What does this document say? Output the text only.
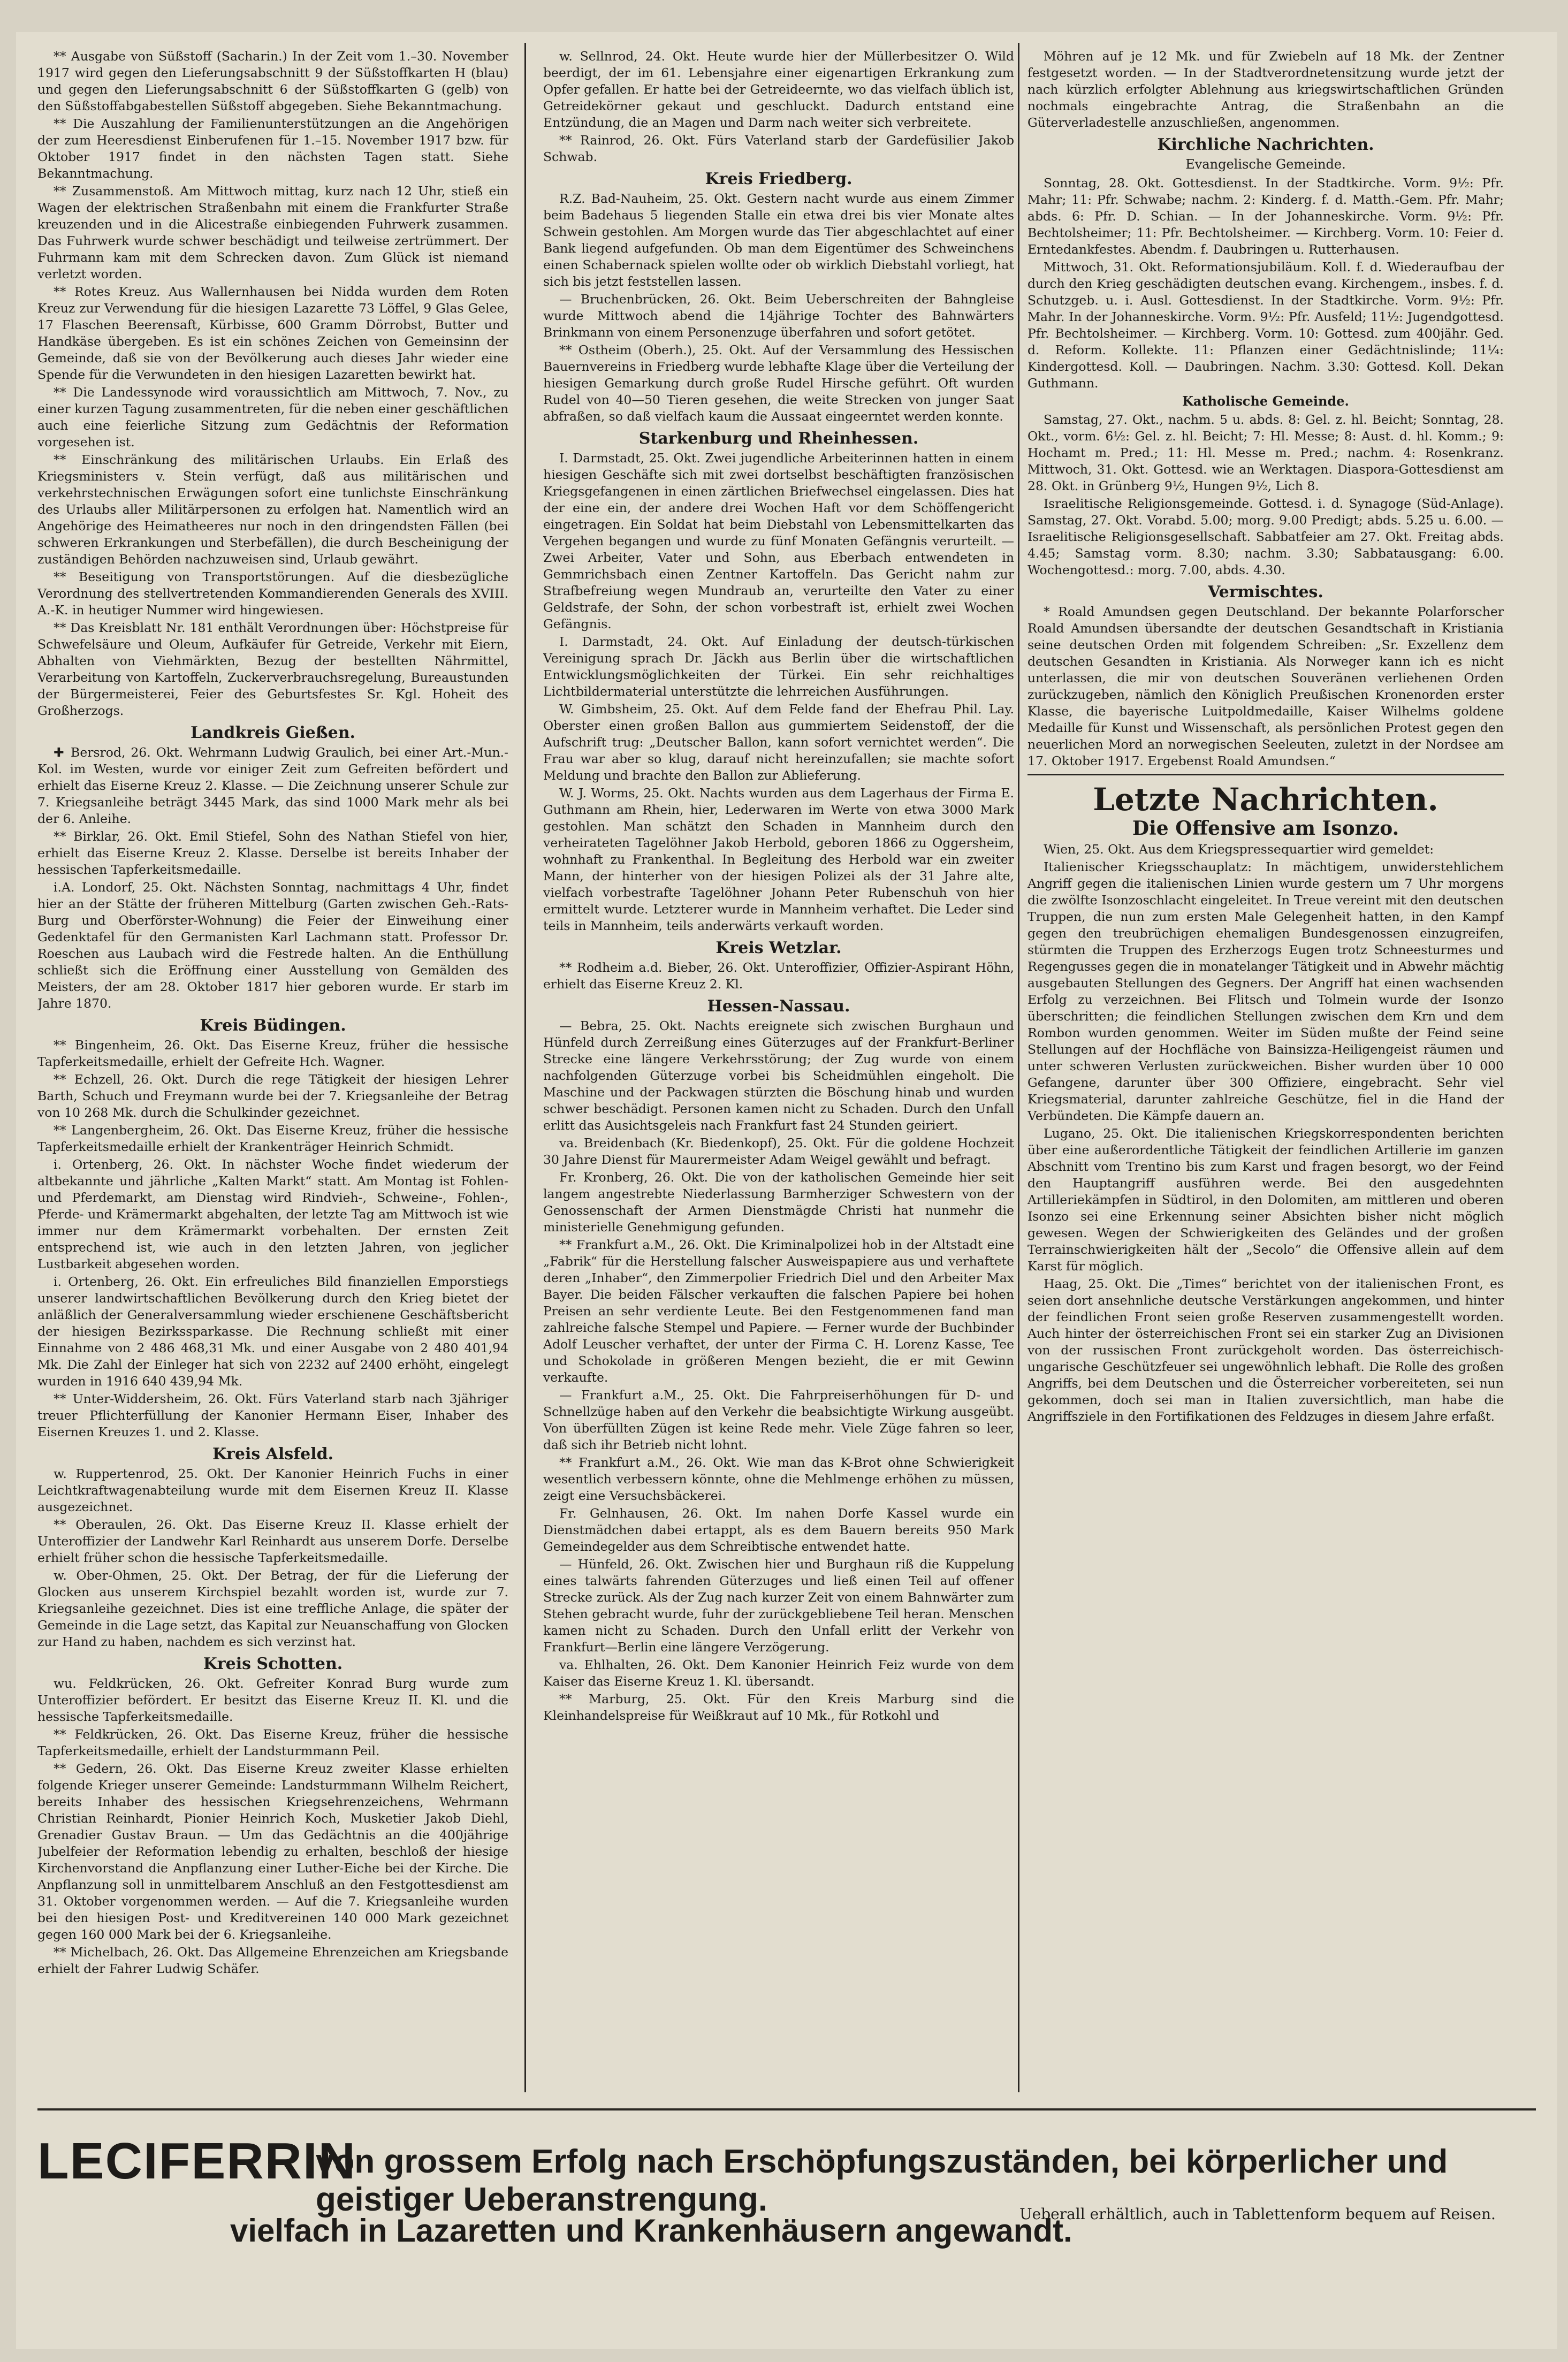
** Ausgabe von Süßstoff (Sacharin.) In der Zeit vom 1.–30. November 1917 wird gegen den Lieferungsabschnitt 9 der Süßstoffkarten H (blau) und gegen den Lieferungsabschnitt 6 der Süßstoffkarten G (gelb) von den Süßstoffabgabestellen Süßstoff abgegeben. Siehe Bekanntmachung.

** Die Auszahlung der Familienunterstützungen an die Angehörigen der zum Heeresdienst Einberufenen für 1.–15. November 1917 bzw. für Oktober 1917 findet in den nächsten Tagen statt. Siehe Bekanntmachung.

** Zusammenstoß. Am Mittwoch mittag, kurz nach 12 Uhr, stieß ein Wagen der elektrischen Straßenbahn mit einem die Frankfurter Straße kreuzenden und in die Alicestraße einbiegenden Fuhrwerk zusammen. Das Fuhrwerk wurde schwer beschädigt und teilweise zertrümmert. Der Fuhrmann kam mit dem Schrecken davon. Zum Glück ist niemand verletzt worden.

** Rotes Kreuz. Aus Wallernhausen bei Nidda wurden dem Roten Kreuz zur Verwendung für die hiesigen Lazarette 73 Löffel, 9 Glas Gelee, 17 Flaschen Beerensaft, Kürbisse, 600 Gramm Dörrobst, Butter und Handkäse übergeben. Es ist ein schönes Zeichen von Gemeinsinn der Gemeinde, daß sie von der Bevölkerung auch dieses Jahr wieder eine Spende für die Verwundeten in den hiesigen Lazaretten bewirkt hat.

** Die Landessynode wird voraussichtlich am Mittwoch, 7. Nov., zu einer kurzen Tagung zusammentreten, für die neben einer geschäftlichen auch eine feierliche Sitzung zum Gedächtnis der Reformation vorgesehen ist.

** Einschränkung des militärischen Urlaubs. Ein Erlaß des Kriegsministers v. Stein verfügt, daß aus militärischen und verkehrstechnischen Erwägungen sofort eine tunlichste Einschränkung des Urlaubs aller Militärpersonen zu erfolgen hat. Namentlich wird an Angehörige des Heimatheeres nur noch in den dringendsten Fällen (bei schweren Erkrankungen und Sterbefällen), die durch Bescheinigung der zuständigen Behörden nachzuweisen sind, Urlaub gewährt.

** Beseitigung von Transportstörungen. Auf die diesbezügliche Verordnung des stellvertretenden Kommandierenden Generals des XVIII. A.-K. in heutiger Nummer wird hingewiesen.

** Das Kreisblatt Nr. 181 enthält Verordnungen über: Höchstpreise für Schwefelsäure und Oleum, Aufkäufer für Getreide, Verkehr mit Eiern, Abhalten von Viehmärkten, Bezug der bestellten Nährmittel, Verarbeitung von Kartoffeln, Zuckerverbrauchsregelung, Bureaustunden der Bürgermeisterei, Feier des Geburtsfestes Sr. Kgl. Hoheit des Großherzogs.

Landkreis Gießen.

✚ Bersrod, 26. Okt. Wehrmann Ludwig Graulich, bei einer Art.-Mun.-Kol. im Westen, wurde vor einiger Zeit zum Gefreiten befördert und erhielt das Eiserne Kreuz 2. Klasse. — Die Zeichnung unserer Schule zur 7. Kriegsanleihe beträgt 3445 Mark, das sind 1000 Mark mehr als bei der 6. Anleihe.

** Birklar, 26. Okt. Emil Stiefel, Sohn des Nathan Stiefel von hier, erhielt das Eiserne Kreuz 2. Klasse. Derselbe ist bereits Inhaber der hessischen Tapferkeitsmedaille.

i.A. Londorf, 25. Okt. Nächsten Sonntag, nachmittags 4 Uhr, findet hier an der Stätte der früheren Mittelburg (Garten zwischen Geh.-Rats-Burg und Oberförster-Wohnung) die Feier der Einweihung einer Gedenktafel für den Germanisten Karl Lachmann statt. Professor Dr. Roeschen aus Laubach wird die Festrede halten. An die Enthüllung schließt sich die Eröffnung einer Ausstellung von Gemälden des Meisters, der am 28. Oktober 1817 hier geboren wurde. Er starb im Jahre 1870.

Kreis Büdingen.

** Bingenheim, 26. Okt. Das Eiserne Kreuz, früher die hessische Tapferkeitsmedaille, erhielt der Gefreite Hch. Wagner.

** Echzell, 26. Okt. Durch die rege Tätigkeit der hiesigen Lehrer Barth, Schuch und Freymann wurde bei der 7. Kriegsanleihe der Betrag von 10 268 Mk. durch die Schulkinder gezeichnet.

** Langenbergheim, 26. Okt. Das Eiserne Kreuz, früher die hessische Tapferkeitsmedaille erhielt der Krankenträger Heinrich Schmidt.

i. Ortenberg, 26. Okt. In nächster Woche findet wiederum der altbekannte und jährliche „Kalten Markt“ statt. Am Montag ist Fohlen- und Pferdemarkt, am Dienstag wird Rindvieh-, Schweine-, Fohlen-, Pferde- und Krämermarkt abgehalten, der letzte Tag am Mittwoch ist wie immer nur dem Krämermarkt vorbehalten. Der ernsten Zeit entsprechend ist, wie auch in den letzten Jahren, von jeglicher Lustbarkeit abgesehen worden.

i. Ortenberg, 26. Okt. Ein erfreuliches Bild finanziellen Emporstiegs unserer landwirtschaftlichen Bevölkerung durch den Krieg bietet der anläßlich der Generalversammlung wieder erschienene Geschäftsbericht der hiesigen Bezirkssparkasse. Die Rechnung schließt mit einer Einnahme von 2 486 468,31 Mk. und einer Ausgabe von 2 480 401,94 Mk. Die Zahl der Einleger hat sich von 2232 auf 2400 erhöht, eingelegt wurden in 1916 640 439,94 Mk.

** Unter-Widdersheim, 26. Okt. Fürs Vaterland starb nach 3jähriger treuer Pflichterfüllung der Kanonier Hermann Eiser, Inhaber des Eisernen Kreuzes 1. und 2. Klasse.

Kreis Alsfeld.

w. Ruppertenrod, 25. Okt. Der Kanonier Heinrich Fuchs in einer Leichtkraftwagenabteilung wurde mit dem Eisernen Kreuz II. Klasse ausgezeichnet.

** Oberaulen, 26. Okt. Das Eiserne Kreuz II. Klasse erhielt der Unteroffizier der Landwehr Karl Reinhardt aus unserem Dorfe. Derselbe erhielt früher schon die hessische Tapferkeitsmedaille.

w. Ober-Ohmen, 25. Okt. Der Betrag, der für die Lieferung der Glocken aus unserem Kirchspiel bezahlt worden ist, wurde zur 7. Kriegsanleihe gezeichnet. Dies ist eine treffliche Anlage, die später der Gemeinde in die Lage setzt, das Kapital zur Neuanschaffung von Glocken zur Hand zu haben, nachdem es sich verzinst hat.

Kreis Schotten.

wu. Feldkrücken, 26. Okt. Gefreiter Konrad Burg wurde zum Unteroffizier befördert. Er besitzt das Eiserne Kreuz II. Kl. und die hessische Tapferkeitsmedaille.

** Feldkrücken, 26. Okt. Das Eiserne Kreuz, früher die hessische Tapferkeitsmedaille, erhielt der Landsturmmann Peil.

** Gedern, 26. Okt. Das Eiserne Kreuz zweiter Klasse erhielten folgende Krieger unserer Gemeinde: Landsturmmann Wilhelm Reichert, bereits Inhaber des hessischen Kriegsehrenzeichens, Wehrmann Christian Reinhardt, Pionier Heinrich Koch, Musketier Jakob Diehl, Grenadier Gustav Braun. — Um das Gedächtnis an die 400jährige Jubelfeier der Reformation lebendig zu erhalten, beschloß der hiesige Kirchenvorstand die Anpflanzung einer Luther-Eiche bei der Kirche. Die Anpflanzung soll in unmittelbarem Anschluß an den Festgottesdienst am 31. Oktober vorgenommen werden. — Auf die 7. Kriegsanleihe wurden bei den hiesigen Post- und Kreditvereinen 140 000 Mark gezeichnet gegen 160 000 Mark bei der 6. Kriegsanleihe.

** Michelbach, 26. Okt. Das Allgemeine Ehrenzeichen am Kriegsbande erhielt der Fahrer Ludwig Schäfer.

w. Sellnrod, 24. Okt. Heute wurde hier der Müllerbesitzer O. Wild beerdigt, der im 61. Lebensjahre einer eigenartigen Erkrankung zum Opfer gefallen. Er hatte bei der Getreideernte, wo das vielfach üblich ist, Getreidekörner gekaut und geschluckt. Dadurch entstand eine Entzündung, die an Magen und Darm nach weiter sich verbreitete.

** Rainrod, 26. Okt. Fürs Vaterland starb der Gardefüsilier Jakob Schwab.

Kreis Friedberg.

R.Z. Bad-Nauheim, 25. Okt. Gestern nacht wurde aus einem Zimmer beim Badehaus 5 liegenden Stalle ein etwa drei bis vier Monate altes Schwein gestohlen. Am Morgen wurde das Tier abgeschlachtet auf einer Bank liegend aufgefunden. Ob man dem Eigentümer des Schweinchens einen Schabernack spielen wollte oder ob wirklich Diebstahl vorliegt, hat sich bis jetzt feststellen lassen.

— Bruchenbrücken, 26. Okt. Beim Ueberschreiten der Bahngleise wurde Mittwoch abend die 14jährige Tochter des Bahnwärters Brinkmann von einem Personenzuge überfahren und sofort getötet.

** Ostheim (Oberh.), 25. Okt. Auf der Versammlung des Hessischen Bauernvereins in Friedberg wurde lebhafte Klage über die Verteilung der hiesigen Gemarkung durch große Rudel Hirsche geführt. Oft wurden Rudel von 40—50 Tieren gesehen, die weite Strecken von junger Saat abfraßen, so daß vielfach kaum die Aussaat eingeerntet werden konnte.

Starkenburg und Rheinhessen.

I. Darmstadt, 25. Okt. Zwei jugendliche Arbeiterinnen hatten in einem hiesigen Geschäfte sich mit zwei dortselbst beschäftigten französischen Kriegsgefangenen in einen zärtlichen Briefwechsel eingelassen. Dies hat der eine ein, der andere drei Wochen Haft vor dem Schöffengericht eingetragen. Ein Soldat hat beim Diebstahl von Lebensmittelkarten das Vergehen begangen und wurde zu fünf Monaten Gefängnis verurteilt. — Zwei Arbeiter, Vater und Sohn, aus Eberbach entwendeten in Gemmrichsbach einen Zentner Kartoffeln. Das Gericht nahm zur Strafbefreiung wegen Mundraub an, verurteilte den Vater zu einer Geldstrafe, der Sohn, der schon vorbestraft ist, erhielt zwei Wochen Gefängnis.

I. Darmstadt, 24. Okt. Auf Einladung der deutsch-türkischen Vereinigung sprach Dr. Jäckh aus Berlin über die wirtschaftlichen Entwicklungsmöglichkeiten der Türkei. Ein sehr reichhaltiges Lichtbildermaterial unterstützte die lehrreichen Ausführungen.

W. Gimbsheim, 25. Okt. Auf dem Felde fand der Ehefrau Phil. Lay. Oberster einen großen Ballon aus gummiertem Seidenstoff, der die Aufschrift trug: „Deutscher Ballon, kann sofort vernichtet werden“. Die Frau war aber so klug, darauf nicht hereinzufallen; sie machte sofort Meldung und brachte den Ballon zur Ablieferung.

W. J. Worms, 25. Okt. Nachts wurden aus dem Lagerhaus der Firma E. Guthmann am Rhein, hier, Lederwaren im Werte von etwa 3000 Mark gestohlen. Man schätzt den Schaden in Mannheim durch den verheirateten Tagelöhner Jakob Herbold, geboren 1866 zu Oggersheim, wohnhaft zu Frankenthal. In Begleitung des Herbold war ein zweiter Mann, der hinterher von der hiesigen Polizei als der 31 Jahre alte, vielfach vorbestrafte Tagelöhner Johann Peter Rubenschuh von hier ermittelt wurde. Letzterer wurde in Mannheim verhaftet. Die Leder sind teils in Mannheim, teils anderwärts verkauft worden.

Kreis Wetzlar.

** Rodheim a.d. Bieber, 26. Okt. Unteroffizier, Offizier-Aspirant Höhn, erhielt das Eiserne Kreuz 2. Kl.

Hessen-Nassau.

— Bebra, 25. Okt. Nachts ereignete sich zwischen Burghaun und Hünfeld durch Zerreißung eines Güterzuges auf der Frankfurt-Berliner Strecke eine längere Verkehrsstörung; der Zug wurde von einem nachfolgenden Güterzuge vorbei bis Scheidmühlen eingeholt. Die Maschine und der Packwagen stürzten die Böschung hinab und wurden schwer beschädigt. Personen kamen nicht zu Schaden. Durch den Unfall erlitt das Ausichtsgeleis nach Frankfurt fast 24 Stunden geiriert.

va. Breidenbach (Kr. Biedenkopf), 25. Okt. Für die goldene Hochzeit 30 Jahre Dienst für Maurermeister Adam Weigel gewählt und befragt.

Fr. Kronberg, 26. Okt. Die von der katholischen Gemeinde hier seit langem angestrebte Niederlassung Barmherziger Schwestern von der Genossenschaft der Armen Dienstmägde Christi hat nunmehr die ministerielle Genehmigung gefunden.

** Frankfurt a.M., 26. Okt. Die Kriminalpolizei hob in der Altstadt eine „Fabrik“ für die Herstellung falscher Ausweispapiere aus und verhaftete deren „Inhaber“, den Zimmerpolier Friedrich Diel und den Arbeiter Max Bayer. Die beiden Fälscher verkauften die falschen Papiere bei hohen Preisen an sehr verdiente Leute. Bei den Festgenommenen fand man zahlreiche falsche Stempel und Papiere. — Ferner wurde der Buchbinder Adolf Leuscher verhaftet, der unter der Firma C. H. Lorenz Kasse, Tee und Schokolade in größeren Mengen bezieht, die er mit Gewinn verkaufte.

— Frankfurt a.M., 25. Okt. Die Fahrpreiserhöhungen für D- und Schnellzüge haben auf den Verkehr die beabsichtigte Wirkung ausgeübt. Von überfüllten Zügen ist keine Rede mehr. Viele Züge fahren so leer, daß sich ihr Betrieb nicht lohnt.

** Frankfurt a.M., 26. Okt. Wie man das K-Brot ohne Schwierigkeit wesentlich verbessern könnte, ohne die Mehlmenge erhöhen zu müssen, zeigt eine Versuchsbäckerei.

Fr. Gelnhausen, 26. Okt. Im nahen Dorfe Kassel wurde ein Dienstmädchen dabei ertappt, als es dem Bauern bereits 950 Mark Gemeindegelder aus dem Schreibtische entwendet hatte.

— Hünfeld, 26. Okt. Zwischen hier und Burghaun riß die Kuppelung eines talwärts fahrenden Güterzuges und ließ einen Teil auf offener Strecke zurück. Als der Zug nach kurzer Zeit von einem Bahnwärter zum Stehen gebracht wurde, fuhr der zurückgebliebene Teil heran. Menschen kamen nicht zu Schaden. Durch den Unfall erlitt der Verkehr von Frankfurt—Berlin eine längere Verzögerung.

va. Ehlhalten, 26. Okt. Dem Kanonier Heinrich Feiz wurde von dem Kaiser das Eiserne Kreuz 1. Kl. übersandt.

** Marburg, 25. Okt. Für den Kreis Marburg sind die Kleinhandelspreise für Weißkraut auf 10 Mk., für Rotkohl und

Möhren auf je 12 Mk. und für Zwiebeln auf 18 Mk. der Zentner festgesetzt worden. — In der Stadtverordnetensitzung wurde jetzt der nach kürzlich erfolgter Ablehnung aus kriegswirtschaftlichen Gründen nochmals eingebrachte Antrag, die Straßenbahn an die Güterverladestelle anzuschließen, angenommen.

Kirchliche Nachrichten.
Evangelische Gemeinde.

Sonntag, 28. Okt. Gottesdienst. In der Stadtkirche. Vorm. 9½: Pfr. Mahr; 11: Pfr. Schwabe; nachm. 2: Kinderg. f. d. Matth.-Gem. Pfr. Mahr; abds. 6: Pfr. D. Schian. — In der Johanneskirche. Vorm. 9½: Pfr. Bechtolsheimer; 11: Pfr. Bechtolsheimer. — Kirchberg. Vorm. 10: Feier d. Erntedankfestes. Abendm. f. Daubringen u. Rutterhausen.

Mittwoch, 31. Okt. Reformationsjubiläum. Koll. f. d. Wiederaufbau der durch den Krieg geschädigten deutschen evang. Kirchengem., insbes. f. d. Schutzgeb. u. i. Ausl. Gottesdienst. In der Stadtkirche. Vorm. 9½: Pfr. Mahr. In der Johanneskirche. Vorm. 9½: Pfr. Ausfeld; 11½: Jugendgottesd. Pfr. Bechtolsheimer. — Kirchberg. Vorm. 10: Gottesd. zum 400jähr. Ged. d. Reform. Kollekte. 11: Pflanzen einer Gedächtnislinde; 11¼: Kindergottesd. Koll. — Daubringen. Nachm. 3.30: Gottesd. Koll. Dekan Guthmann.

Katholische Gemeinde.

Samstag, 27. Okt., nachm. 5 u. abds. 8: Gel. z. hl. Beicht; Sonntag, 28. Okt., vorm. 6½: Gel. z. hl. Beicht; 7: Hl. Messe; 8: Aust. d. hl. Komm.; 9: Hochamt m. Pred.; 11: Hl. Messe m. Pred.; nachm. 4: Rosenkranz. Mittwoch, 31. Okt. Gottesd. wie an Werktagen. Diaspora-Gottesdienst am 28. Okt. in Grünberg 9½, Hungen 9½, Lich 8.

Israelitische Religionsgemeinde. Gottesd. i. d. Synagoge (Süd-Anlage). Samstag, 27. Okt. Vorabd. 5.00; morg. 9.00 Predigt; abds. 5.25 u. 6.00. — Israelitische Religionsgesellschaft. Sabbatfeier am 27. Okt. Freitag abds. 4.45; Samstag vorm. 8.30; nachm. 3.30; Sabbatausgang: 6.00. Wochengottesd.: morg. 7.00, abds. 4.30.

Vermischtes.

* Roald Amundsen gegen Deutschland. Der bekannte Polarforscher Roald Amundsen übersandte der deutschen Gesandtschaft in Kristiania seine deutschen Orden mit folgendem Schreiben: „Sr. Exzellenz dem deutschen Gesandten in Kristiania. Als Norweger kann ich es nicht unterlassen, die mir von deutschen Souveränen verliehenen Orden zurückzugeben, nämlich den Königlich Preußischen Kronenorden erster Klasse, die bayerische Luitpoldmedaille, Kaiser Wilhelms goldene Medaille für Kunst und Wissenschaft, als persönlichen Protest gegen den neuerlichen Mord an norwegischen Seeleuten, zuletzt in der Nordsee am 17. Oktober 1917. Ergebenst Roald Amundsen.“

Letzte Nachrichten.
Die Offensive am Isonzo.

Wien, 25. Okt. Aus dem Kriegspressequartier wird gemeldet:

Italienischer Kriegsschauplatz: In mächtigem, unwiderstehlichem Angriff gegen die italienischen Linien wurde gestern um 7 Uhr morgens die zwölfte Isonzoschlacht eingeleitet. In Treue vereint mit den deutschen Truppen, die nun zum ersten Male Gelegenheit hatten, in den Kampf gegen den treubrüchigen ehemaligen Bundesgenossen einzugreifen, stürmten die Truppen des Erzherzogs Eugen trotz Schneesturmes und Regengusses gegen die in monatelanger Tätigkeit und in Abwehr mächtig ausgebauten Stellungen des Gegners. Der Angriff hat einen wachsenden Erfolg zu verzeichnen. Bei Flitsch und Tolmein wurde der Isonzo überschritten; die feindlichen Stellungen zwischen dem Krn und dem Rombon wurden genommen. Weiter im Süden mußte der Feind seine Stellungen auf der Hochfläche von Bainsizza-Heiligengeist räumen und unter schweren Verlusten zurückweichen. Bisher wurden über 10 000 Gefangene, darunter über 300 Offiziere, eingebracht. Sehr viel Kriegsmaterial, darunter zahlreiche Geschütze, fiel in die Hand der Verbündeten. Die Kämpfe dauern an.

Lugano, 25. Okt. Die italienischen Kriegskorrespondenten berichten über eine außerordentliche Tätigkeit der feindlichen Artillerie im ganzen Abschnitt vom Trentino bis zum Karst und fragen besorgt, wo der Feind den Hauptangriff ausführen werde. Bei den ausgedehnten Artilleriekämpfen in Südtirol, in den Dolomiten, am mittleren und oberen Isonzo sei eine Erkennung seiner Absichten bisher nicht möglich gewesen. Wegen der Schwierigkeiten des Geländes und der großen Terrainschwierigkeiten hält der „Secolo“ die Offensive allein auf dem Karst für möglich.

Haag, 25. Okt. Die „Times“ berichtet von der italienischen Front, es seien dort ansehnliche deutsche Verstärkungen angekommen, und hinter der feindlichen Front seien große Reserven zusammengestellt worden. Auch hinter der österreichischen Front sei ein starker Zug an Divisionen von der russischen Front zurückgeholt worden. Das österreichisch-ungarische Geschützfeuer sei ungewöhnlich lebhaft. Die Rolle des großen Angriffs, bei dem Deutschen und die Österreicher vorbereiteten, sei nun gekommen, doch sei man in Italien zuversichtlich, man habe die Angriffsziele in den Fortifikationen des Feldzuges in diesem Jahre erfaßt.

LECIFERRIN
von grossem Erfolg nach Erschöpfungszuständen, bei körperlicher und geistiger Ueberanstrengung.
vielfach in Lazaretten und Krankenhäusern angewandt.
Ueberall erhältlich, auch in Tablettenform bequem auf Reisen.
